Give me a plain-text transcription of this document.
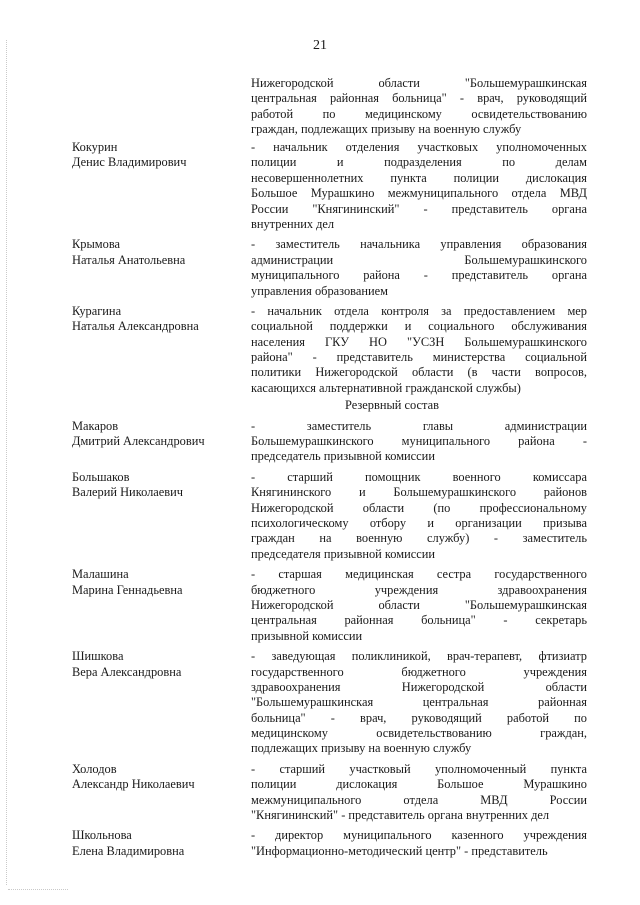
21
Нижегородской области "Большемурашкинская
центральная районная больница" - врач, руководящий
работой по медицинскому освидетельствованию
граждан, подлежащих призыву на военную службу
Кокурин
Денис Владимирович
- начальник отделения участковых уполномоченных
полиции и подразделения по делам
несовершеннолетних пункта полиции дислокация
Большое Мурашкино межмуниципального отдела МВД
России "Княгининский" - представитель органа
внутренних дел
Крымова
Наталья Анатольевна
- заместитель начальника управления образования
администрации Большемурашкинского
муниципального района - представитель органа
управления образованием
Курагина
Наталья Александровна
- начальник отдела контроля за предоставлением мер
социальной поддержки и социального обслуживания
населения ГКУ НО "УСЗН Большемурашкинского
района" - представитель министерства социальной
политики Нижегородской области (в части вопросов,
касающихся альтернативной гражданской службы)
Резервный состав
Макаров
Дмитрий Александрович
- заместитель главы администрации
Большемурашкинского муниципального района -
председатель призывной комиссии
Большаков
Валерий Николаевич
- старший помощник военного комиссара
Княгининского и Большемурашкинского районов
Нижегородской области (по профессиональному
психологическому отбору и организации призыва
граждан на военную службу) - заместитель
председателя призывной комиссии
Малашина
Марина Геннадьевна
- старшая медицинская сестра государственного
бюджетного учреждения здравоохранения
Нижегородской области "Большемурашкинская
центральная районная больница" - секретарь
призывной комиссии
Шишкова
Вера Александровна
- заведующая поликлиникой, врач-терапевт, фтизиатр
государственного бюджетного учреждения
здравоохранения Нижегородской области
"Большемурашкинская центральная районная
больница" - врач, руководящий работой по
медицинскому освидетельствованию граждан,
подлежащих призыву на военную службу
Холодов
Александр Николаевич
- старший участковый уполномоченный пункта
полиции дислокация Большое Мурашкино
межмуниципального отдела МВД России
"Княгининский" - представитель органа внутренних дел
Школьнова
Елена Владимировна
- директор муниципального казенного учреждения
"Информационно-методический центр" - представитель
